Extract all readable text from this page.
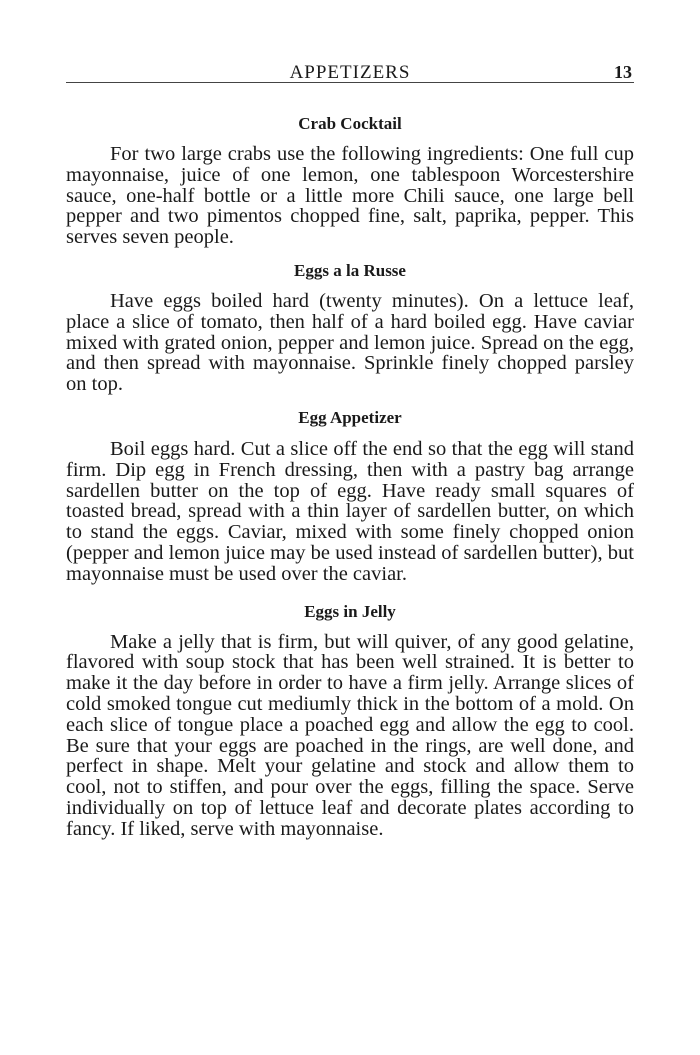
APPETIZERS	13
Crab Cocktail

For two large crabs use the following ingredients: One full cup mayonnaise, juice of one lemon, one tablespoon Worcestershire sauce, one-half bottle or a little more Chili sauce, one large bell pepper and two pimentos chopped fine, salt, paprika, pepper. This serves seven people.

Eggs a la Russe

Have eggs boiled hard (twenty minutes). On a lettuce leaf, place a slice of tomato, then half of a hard boiled egg. Have caviar mixed with grated onion, pepper and lemon juice. Spread on the egg, and then spread with mayonnaise. Sprinkle finely chopped parsley on top.

Egg Appetizer

Boil eggs hard. Cut a slice off the end so that the egg will stand firm. Dip egg in French dressing, then with a pastry bag arrange sardellen butter on the top of egg. Have ready small squares of toasted bread, spread with a thin layer of sardellen butter, on which to stand the eggs. Caviar, mixed with some finely chopped onion (pepper and lemon juice may be used instead of sardellen butter), but mayonnaise must be used over the caviar.

Eggs in Jelly

Make a jelly that is firm, but will quiver, of any good gelatine, flavored with soup stock that has been well strained. It is better to make it the day before in order to have a firm jelly. Arrange slices of cold smoked tongue cut mediumly thick in the bottom of a mold. On each slice of tongue place a poached egg and allow the egg to cool. Be sure that your eggs are poached in the rings, are well done, and perfect in shape. Melt your gelatine and stock and allow them to cool, not to stiffen, and pour over the eggs, filling the space. Serve individually on top of lettuce leaf and decorate plates according to fancy. If liked, serve with mayonnaise.
